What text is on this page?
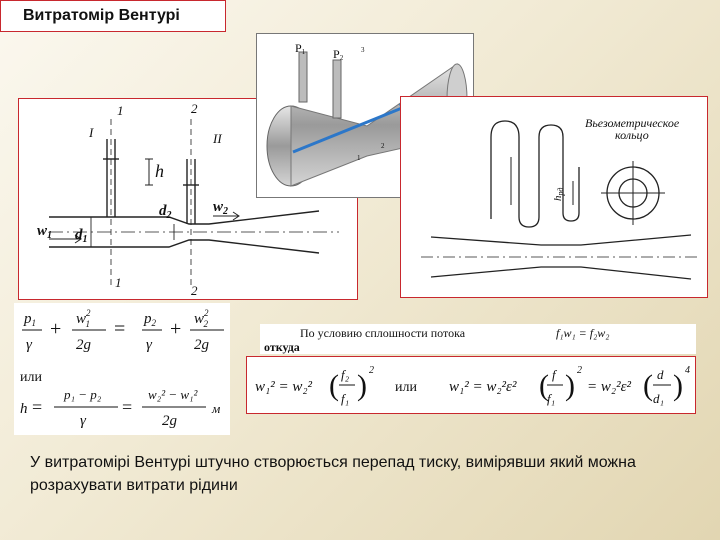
Витратомір Вентурі
1	2
I	II
1
2
h
$w_1$
$w_2$
$d_1$
$d_2$
P1 P2
3
2
1
Вьезометрическое
кольцо
hрд
$p_1$
γ
+ $w^2$ 1
2g
= $p_2$
γ
+ $w^2$ 2
2g
или
h =
p₁ − p₂
γ
=
w₂² − w₁²
2g
м
По условию сплошности потока	f₁w₁ = f₂w₂
откуда
w₁² = w₂² ( f₂
f₁ ) 2
или w₁² = w₂²ε² ( f
f₁ ) 2
= w₂²ε² ( d
d₁ ) 4
У витратомірі Вентурі штучно створюється перепад тиску, вимірявши який можна розрахувати витрати рідини
